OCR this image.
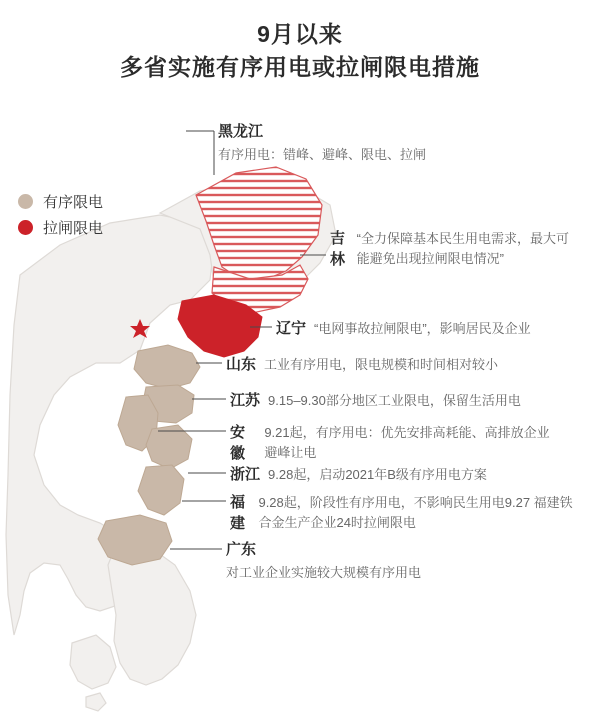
9月以来
多省实施有序用电或拉闸限电措施
黑龙江
有序用电：错峰、避峰、限电、拉闸
吉林
“全力保障基本民生用电需求，最大可能避免出现拉闸限电情况”
辽宁 “电网事故拉闸限电”，影响居民及企业
山东 工业有序用电，限电规模和时间相对较小
江苏 9.15–9.30部分地区工业限电，保留生活用电
安徽
9.21起，有序用电：优先安排高耗能、高排放企业避峰让电
浙江 9.28起，启动2021年B级有序用电方案
福建
9.28起，阶段性有序用电，不影响民生用电9.27 福建铁合金生产企业24时拉闸限电
广东
对工业企业实施较大规模有序用电
有序限电
拉闸限电
